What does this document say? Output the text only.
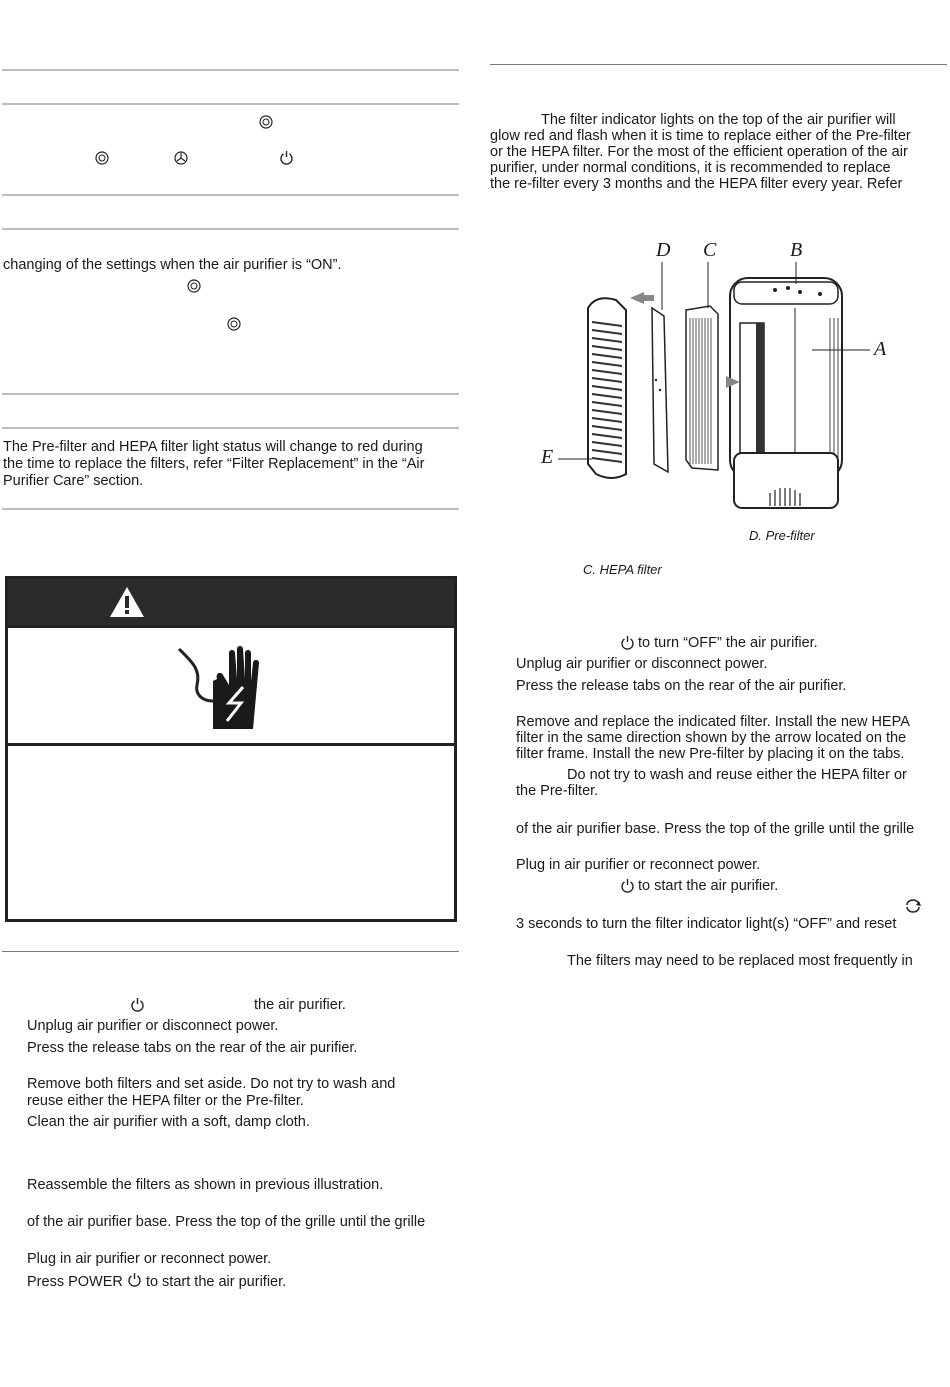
changing of the settings when the air purifier is “ON”.
The Pre-filter and HEPA filter light status will change to red during
the time to replace the filters, refer “Filter Replacement” in the “Air
Purifier Care” section.
the air purifier.
Unplug air purifier or disconnect power.
Press the release tabs on the rear of the air purifier.
Remove both filters and set aside. Do not try to wash and
reuse either the HEPA filter or the Pre-filter.
Clean the air purifier with a soft, damp cloth.
Reassemble the filters as shown in previous illustration.
of the air purifier base. Press the top of the grille until the grille
Plug in air purifier or reconnect power.
Press POWER to start the air purifier.
The filter indicator lights on the top of the air purifier will
glow red and flash when it is time to replace either of the Pre-filter
or the HEPA filter. For the most of the efficient operation of the air
purifier, under normal conditions, it is recommended to replace
the re-filter every 3 months and the HEPA filter every year. Refer
D C	B
A
E
D. Pre-filter
C. HEPA filter
to turn “OFF” the air purifier.
Unplug air purifier or disconnect power.
Press the release tabs on the rear of the air purifier.
Remove and replace the indicated filter. Install the new HEPA
filter in the same direction shown by the arrow located on the
filter frame. Install the new Pre-filter by placing it on the tabs.
Do not try to wash and reuse either the HEPA filter or
the Pre-filter.
of the air purifier base. Press the top of the grille until the grille
Plug in air purifier or reconnect power.
to start the air purifier.
3 seconds to turn the filter indicator light(s) “OFF” and reset
The filters may need to be replaced most frequently in
